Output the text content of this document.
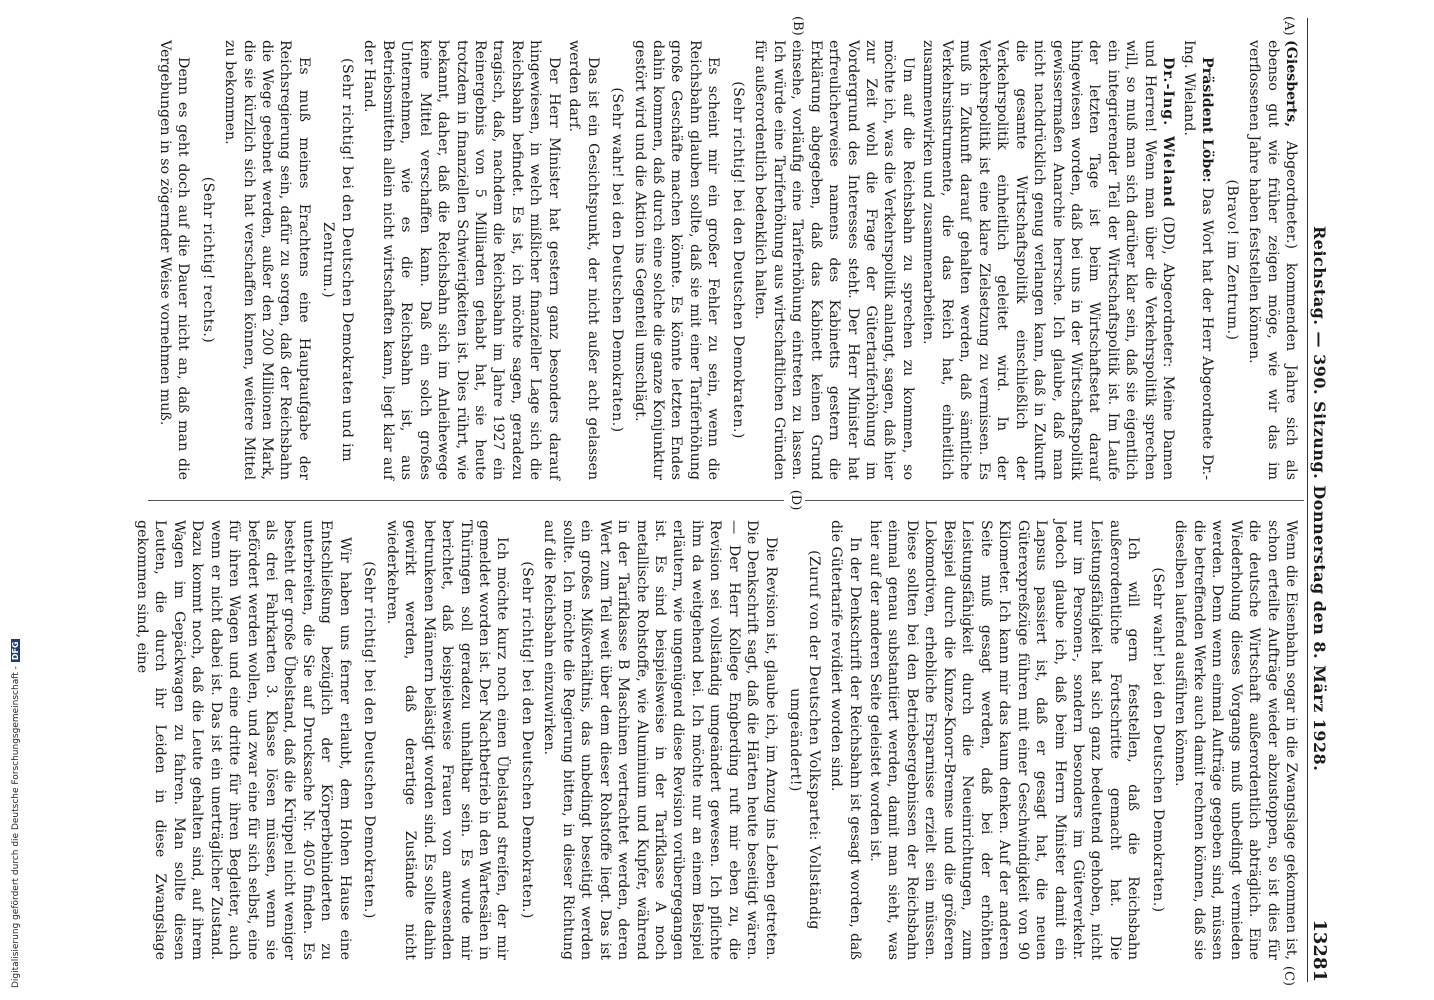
Digitalisierung gefördert durch die Deutsche Forschungsgemeinschaft -DFG	Reichstag. — 390. Sitzung. Donnerstag den 8. März 1928.
13281
(A)
(B)
(C)
(D)

(Giesberts, Abgeordneter.) kommenden Jahre sich als ebenso gut wie früher zeigen möge, wie wir das im verflossenen Jahre haben feststellen können.

(Bravo! im Zentrum.)

Präsident Löbe: Das Wort hat der Herr Abgeordnete Dr.-Ing. Wieland.

Dr.-Ing. Wieland (DD), Abgeordneter: Meine Damen und Herren! Wenn man über die Verkehrspolitik sprechen will, so muß man sich darüber klar sein, daß sie eigentlich ein integrierender Teil der Wirtschaftspolitik ist. Im Laufe der letzten Tage ist beim Wirtschaftsetat darauf hingewiesen worden, daß bei uns in der Wirtschaftspolitik gewissermaßen Anarchie herrsche. Ich glaube, daß man nicht nachdrücklich genug verlangen kann, daß in Zukunft die gesamte Wirtschaftspolitik einschließlich der Verkehrspolitik einheitlich geleitet wird. In der Verkehrspolitik ist eine klare Zielsetzung zu vermissen. Es muß in Zukunft darauf gehalten werden, daß sämtliche Verkehrsinstrumente, die das Reich hat, einheitlich zusammenwirken und zusammenarbeiten.

Um auf die Reichsbahn zu sprechen zu kommen, so möchte ich, was die Verkehrspolitik anlangt, sagen, daß hier zur Zeit wohl die Frage der Gütertariferhöhung im Vordergrund des Interesses steht. Der Herr Minister hat erfreulicherweise namens des Kabinetts gestern die Erklärung abgegeben, daß das Kabinett keinen Grund einsehe, vorläufig eine Tariferhöhung eintreten zu lassen. Ich würde eine Tariferhöhung aus wirtschaftlichen Gründen für außerordentlich bedenklich halten.

(Sehr richtig! bei den Deutschen Demokraten.)

Es scheint mir ein großer Fehler zu sein, wenn die Reichsbahn glauben sollte, daß sie mit einer Tariferhöhung große Geschäfte machen könnte. Es könnte letzten Endes dahin kommen, daß durch eine solche die ganze Konjunktur gestört wird und die Aktion ins Gegenteil umschlägt.

(Sehr wahr! bei den Deutschen Demokraten.)

Das ist ein Gesichtspunkt, der nicht außer acht gelassen werden darf.

Der Herr Minister hat gestern ganz besonders darauf hingewiesen, in welch mißlicher finanzieller Lage sich die Reichsbahn befindet. Es ist, ich möchte sagen, geradezu tragisch, daß, nachdem die Reichsbahn im Jahre 1927 ein Reinergebnis von 5 Milliarden gehabt hat, sie heute trotzdem in finanziellen Schwierigkeiten ist. Dies rührt, wie bekannt, daher, daß die Reichsbahn sich im Anleihewege keine Mittel verschaffen kann. Daß ein solch großes Unternehmen, wie es die Reichsbahn ist, aus Betriebsmitteln allein nicht wirtschaften kann, liegt klar auf der Hand.

(Sehr richtig! bei den Deutschen Demokraten und im Zentrum.)

Es muß meines Erachtens eine Hauptaufgabe der Reichsregierung sein, dafür zu sorgen, daß der Reichsbahn die Wege geebnet werden, außer den 200 Millionen Mark, die sie kürzlich sich hat verschaffen können, weitere Mittel zu bekommen.

(Sehr richtig! rechts.)

Denn es geht doch auf die Dauer nicht an, daß man die Vergebungen in so zögernder Weise vornehmen muß.

Wenn die Eisenbahn sogar in die Zwangslage gekommen ist, schon erteilte Aufträge wieder abzustoppen, so ist dies für die deutsche Wirtschaft außerordentlich abträglich. Eine Wiederholung dieses Vorgangs muß unbedingt vermieden werden. Denn wenn einmal Aufträge gegeben sind, müssen die betreffenden Werke auch damit rechnen können, daß sie dieselben laufend ausführen können.

(Sehr wahr! bei den Deutschen Demokraten.)

Ich will gern feststellen, daß die Reichsbahn außerordentliche Fortschritte gemacht hat. Die Leistungsfähigkeit hat sich ganz bedeutend gehoben, nicht nur im Personen-, sondern besonders im Güterverkehr. Jedoch glaube ich, daß beim Herrn Minister damit ein Lapsus passiert ist, daß er gesagt hat, die neuen Güterexpreßzüge führen mit einer Geschwindigkeit von 90 Kilometer. Ich kann mir das kaum denken. Auf der anderen Seite muß gesagt werden, daß bei der erhöhten Leistungsfähigkeit durch die Neueinrichtungen, zum Beispiel durch die Kunze-Knorr-Bremse und die größeren Lokomotiven, erhebliche Ersparnisse erzielt sein müssen. Diese sollten bei den Betriebsergebnissen der Reichsbahn einmal genau substantiiert werden, damit man sieht, was hier auf der anderen Seite geleistet worden ist.

In der Denkschrift der Reichsbahn ist gesagt worden, daß die Gütertarife revidiert worden sind.

(Zuruf von der Deutschen Volkspartei: Vollständig umgeändert!)

Die Revision ist, glaube ich, im Anzug ins Leben getreten. Die Denkschrift sagt, daß die Härten heute beseitigt wären. — Der Herr Kollege Engberding ruft mir eben zu, die Revision sei vollständig umgeändert gewesen. Ich pflichte ihm da weitgehend bei. Ich möchte nur an einem Beispiel erläutern, wie ungenügend diese Revision vorübergegangen ist. Es sind beispielsweise in der Tarifklasse A noch metallische Rohstoffe, wie Aluminium und Kupfer, während in der Tarifklasse B Maschinen vertrachtet werden, deren Wert zum Teil weit über dem dieser Rohstoffe liegt. Das ist ein großes Mißverhältnis, das unbedingt beseitigt werden sollte. Ich möchte die Regierung bitten, in dieser Richtung auf die Reichsbahn einzuwirken.

(Sehr richtig! bei den Deutschen Demokraten.)

Ich möchte kurz noch einen Übelstand streifen, der mir gemeldet worden ist. Der Nachtbetrieb in den Wartesälen in Thüringen soll geradezu unhaltbar sein. Es wurde mir berichtet, daß beispielsweise Frauen von anwesenden betrunkenen Männern belästigt worden sind. Es sollte dahin gewirkt werden, daß derartige Zustände nicht wiederkehren.

(Sehr richtig! bei den Deutschen Demokraten.)

Wir haben uns ferner erlaubt, dem Hohen Hause eine Entschließung bezüglich der Körperbehinderten zu unterbreiten, die Sie auf Drucksache Nr. 4050 finden. Es besteht der große Übelstand, daß die Krüppel nicht weniger als drei Fahrkarten 3. Klasse lösen müssen, wenn sie befördert werden wollen, und zwar eine für sich selbst, eine für ihren Wagen und eine dritte für ihren Begleiter, auch wenn er nicht dabei ist. Das ist ein unerträglicher Zustand. Dazu kommt noch, daß die Leute gehalten sind, auf ihrem Wagen im Gepäckwagen zu fahren. Man sollte diesen Leuten, die durch ihr Leiden in diese Zwangslage gekommen sind, eine
